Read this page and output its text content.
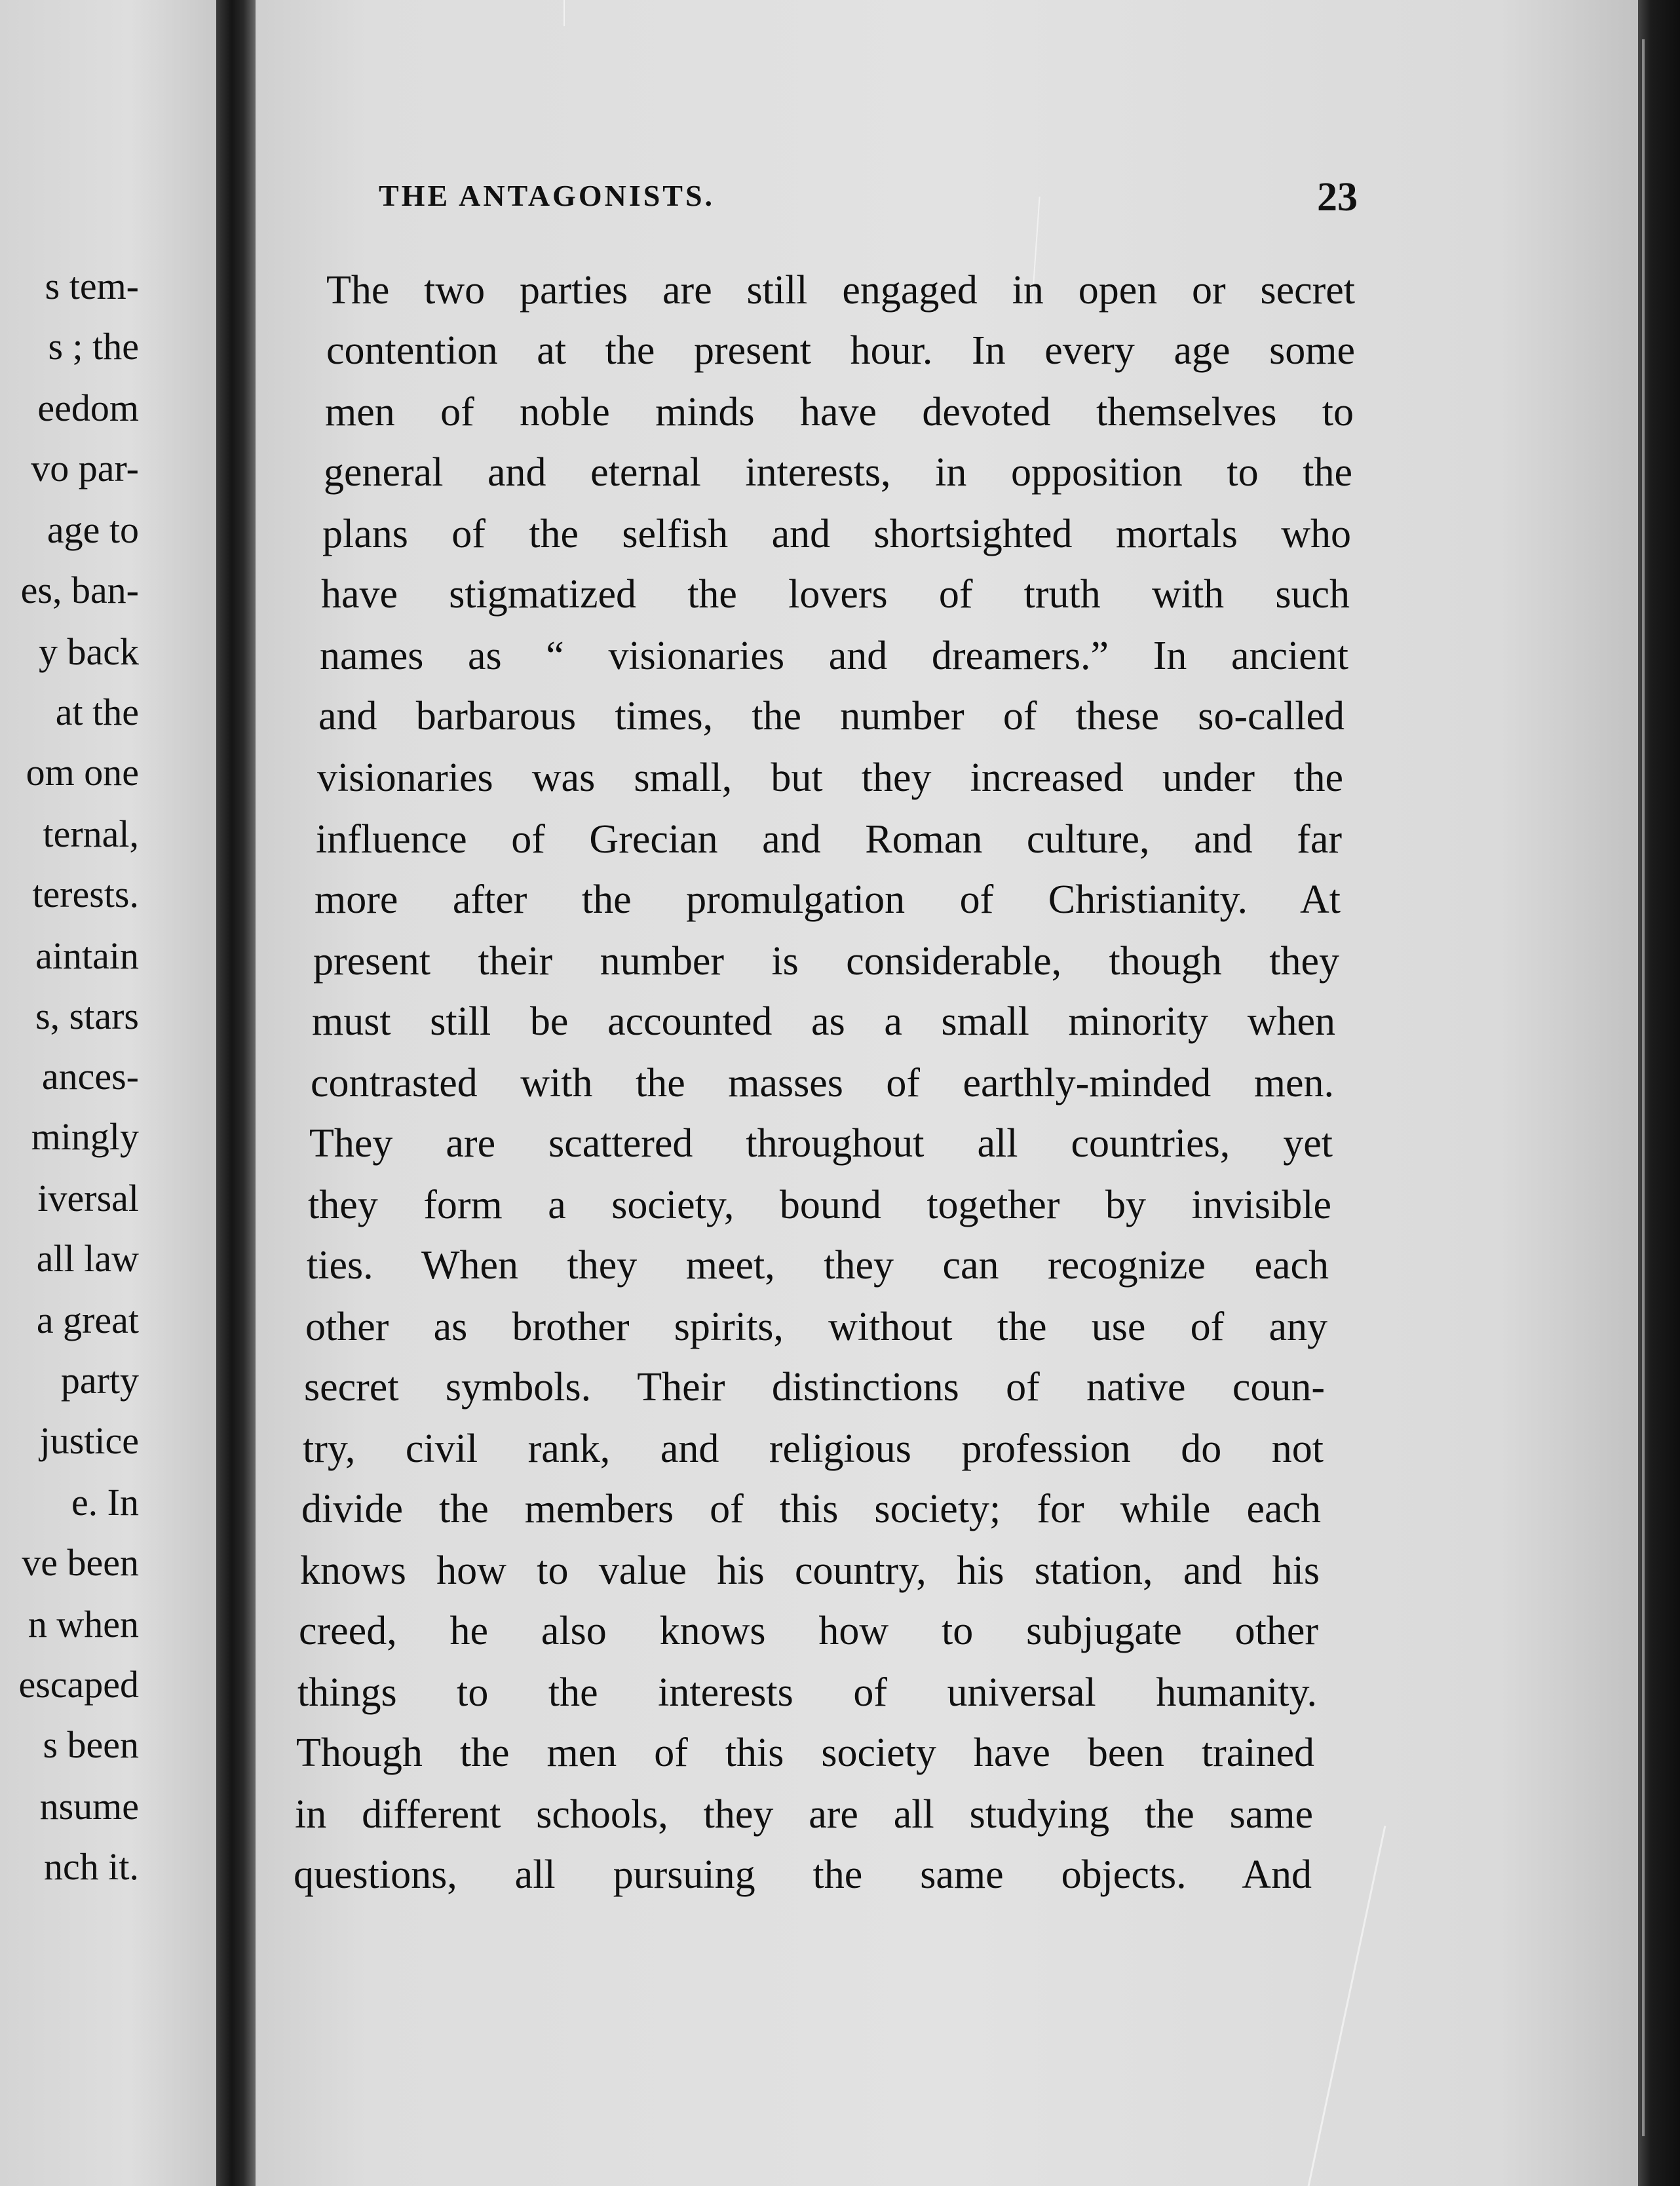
s tem-
s ; the
eedom
vo par-
age to
es, ban-
y back
at the
om one
ternal,
terests.
aintain
s, stars
ances-
mingly
iversal
all law
a great
party
justice
e. In
ve been
n when
escaped
s been
nsume
nch it.
THE ANTAGONISTS.	23
The two parties are still engaged in open or secret
contention at the present hour. In every age some
men of noble minds have devoted themselves to
general and eternal interests, in opposition to the
plans of the selfish and shortsighted mortals who
have stigmatized the lovers of truth with such
names as “ visionaries and dreamers.” In ancient
and barbarous times, the number of these so-called
visionaries was small, but they increased under the
influence of Grecian and Roman culture, and far
more after the promulgation of Christianity. At
present their number is considerable, though they
must still be accounted as a small minority when
contrasted with the masses of earthly-minded men.
They are scattered throughout all countries, yet
they form a society, bound together by invisible
ties. When they meet, they can recognize each
other as brother spirits, without the use of any
secret symbols. Their distinctions of native coun-
try, civil rank, and religious profession do not
divide the members of this society; for while each
knows how to value his country, his station, and his
creed, he also knows how to subjugate other
things to the interests of universal humanity.
Though the men of this society have been trained
in different schools, they are all studying the same
questions, all pursuing the same objects. And
